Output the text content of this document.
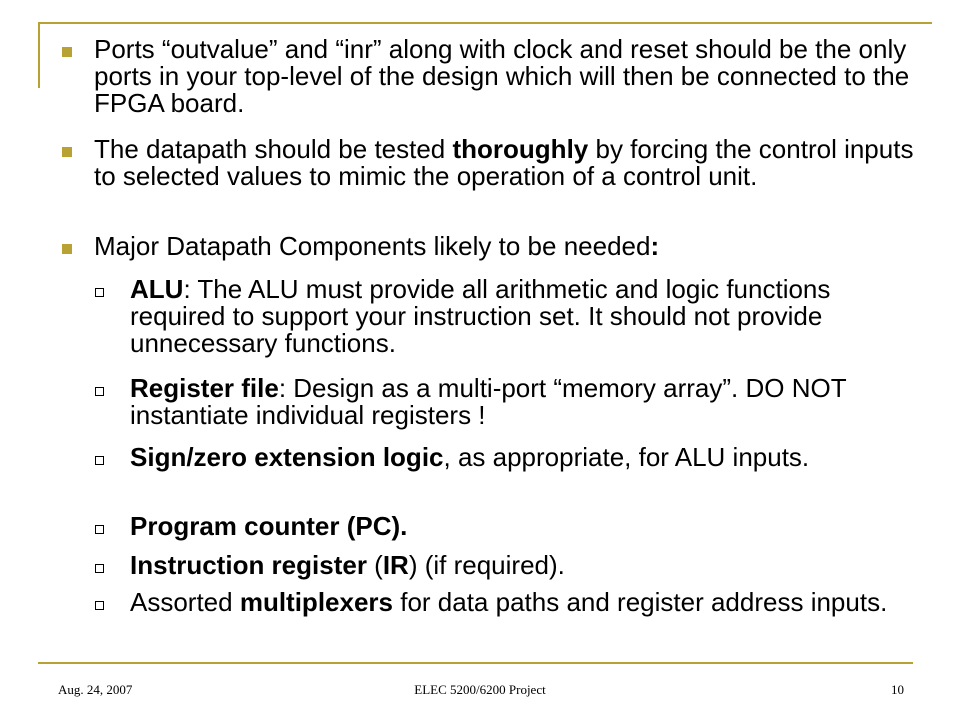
Ports “outvalue” and “inr” along with clock and reset should be the only ports in your top-level of the design which will then be connected to the FPGA board.
The datapath should be tested thoroughly by forcing the control inputs to selected values to mimic the operation of a control unit.
Major Datapath Components likely to be needed:
ALU: The ALU must provide all arithmetic and logic functions required to support your instruction set. It should not provide unnecessary functions.
Register file: Design as a multi-port “memory array”. DO NOT instantiate individual registers !
Sign/zero extension logic, as appropriate, for ALU inputs.
Program counter (PC).
Instruction register (IR) (if required).
Assorted multiplexers for data paths and register address inputs.
Aug. 24, 2007	ELEC 5200/6200 Project	10
